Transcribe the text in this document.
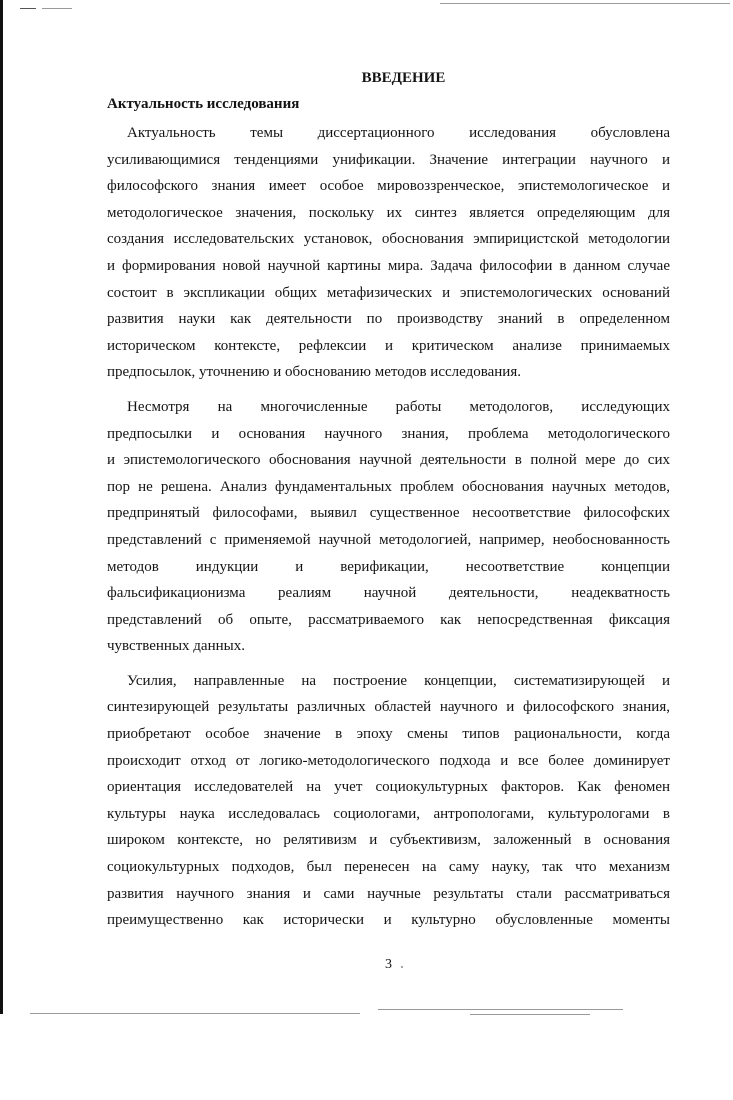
ВВЕДЕНИЕ
Актуальность исследования
Актуальность темы диссертационного исследования обусловлена
усиливающимися тенденциями унификации. Значение интеграции научного и
философского знания имеет особое мировоззренческое, эпистемологическое и
методологическое значения, поскольку их синтез является определяющим для
создания исследовательских установок, обоснования эмпирицистской методологии
и формирования новой научной картины мира. Задача философии в данном случае
состоит в экспликации общих метафизических и эпистемологических оснований
развития науки как деятельности по производству знаний в определенном
историческом контексте, рефлексии и критическом анализе принимаемых
предпосылок, уточнению и обоснованию методов исследования.
Несмотря на многочисленные работы методологов, исследующих
предпосылки и основания научного знания, проблема методологического
и эпистемологического обоснования научной деятельности в полной мере до сих
пор не решена. Анализ фундаментальных проблем обоснования научных методов,
предпринятый философами, выявил существенное несоответствие философских
представлений с применяемой научной методологией, например, необоснованность
методов индукции и верификации, несоответствие концепции
фальсификационизма реалиям научной деятельности, неадекватность
представлений об опыте, рассматриваемого как непосредственная фиксация
чувственных данных.
Усилия, направленные на построение концепции, систематизирующей и
синтезирующей результаты различных областей научного и философского знания,
приобретают особое значение в эпоху смены типов рациональности, когда
происходит отход от логико-методологического подхода и все более доминирует
ориентация исследователей на учет социокультурных факторов. Как феномен
культуры наука исследовалась социологами, антропологами, культурологами в
широком контексте, но релятивизм и субъективизм, заложенный в основания
социокультурных подходов, был перенесен на саму науку, так что механизм
развития научного знания и сами научные результаты стали рассматриваться
преимущественно как исторически и культурно обусловленные моменты
3
